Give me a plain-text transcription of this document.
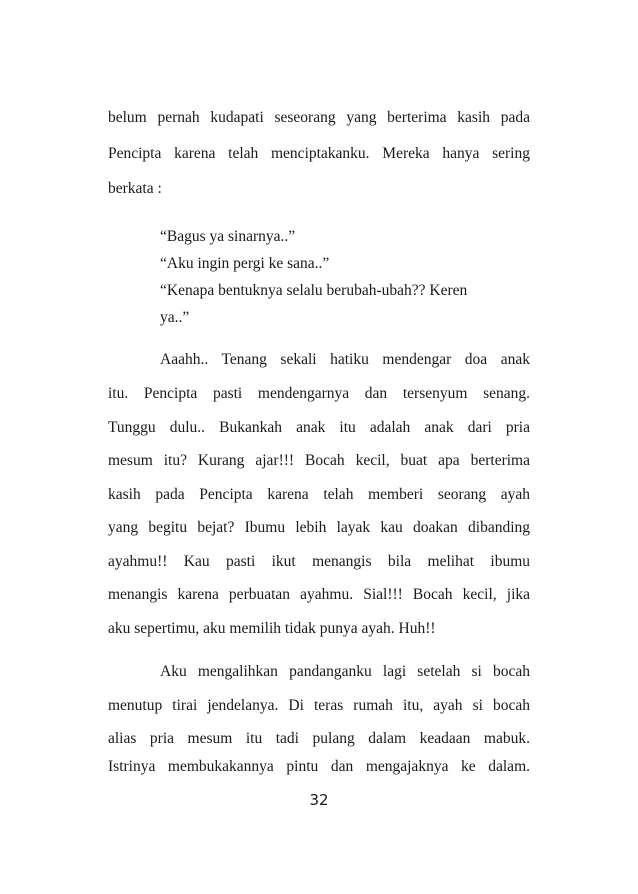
belum pernah kudapati seseorang yang berterima kasih pada
Pencipta karena telah menciptakanku. Mereka hanya sering
berkata :
“Bagus ya sinarnya..”
“Aku ingin pergi ke sana..”
“Kenapa bentuknya selalu berubah-ubah?? Keren
ya..”
Aaahh.. Tenang sekali hatiku mendengar doa anak
itu. Pencipta pasti mendengarnya dan tersenyum senang.
Tunggu dulu.. Bukankah anak itu adalah anak dari pria
mesum itu? Kurang ajar!!! Bocah kecil, buat apa berterima
kasih pada Pencipta karena telah memberi seorang ayah
yang begitu bejat? Ibumu lebih layak kau doakan dibanding
ayahmu!! Kau pasti ikut menangis bila melihat ibumu
menangis karena perbuatan ayahmu. Sial!!! Bocah kecil, jika
aku sepertimu, aku memilih tidak punya ayah. Huh!!
Aku mengalihkan pandanganku lagi setelah si bocah
menutup tirai jendelanya. Di teras rumah itu, ayah si bocah
alias pria mesum itu tadi pulang dalam keadaan mabuk.
Istrinya membukakannya pintu dan mengajaknya ke dalam.
32
